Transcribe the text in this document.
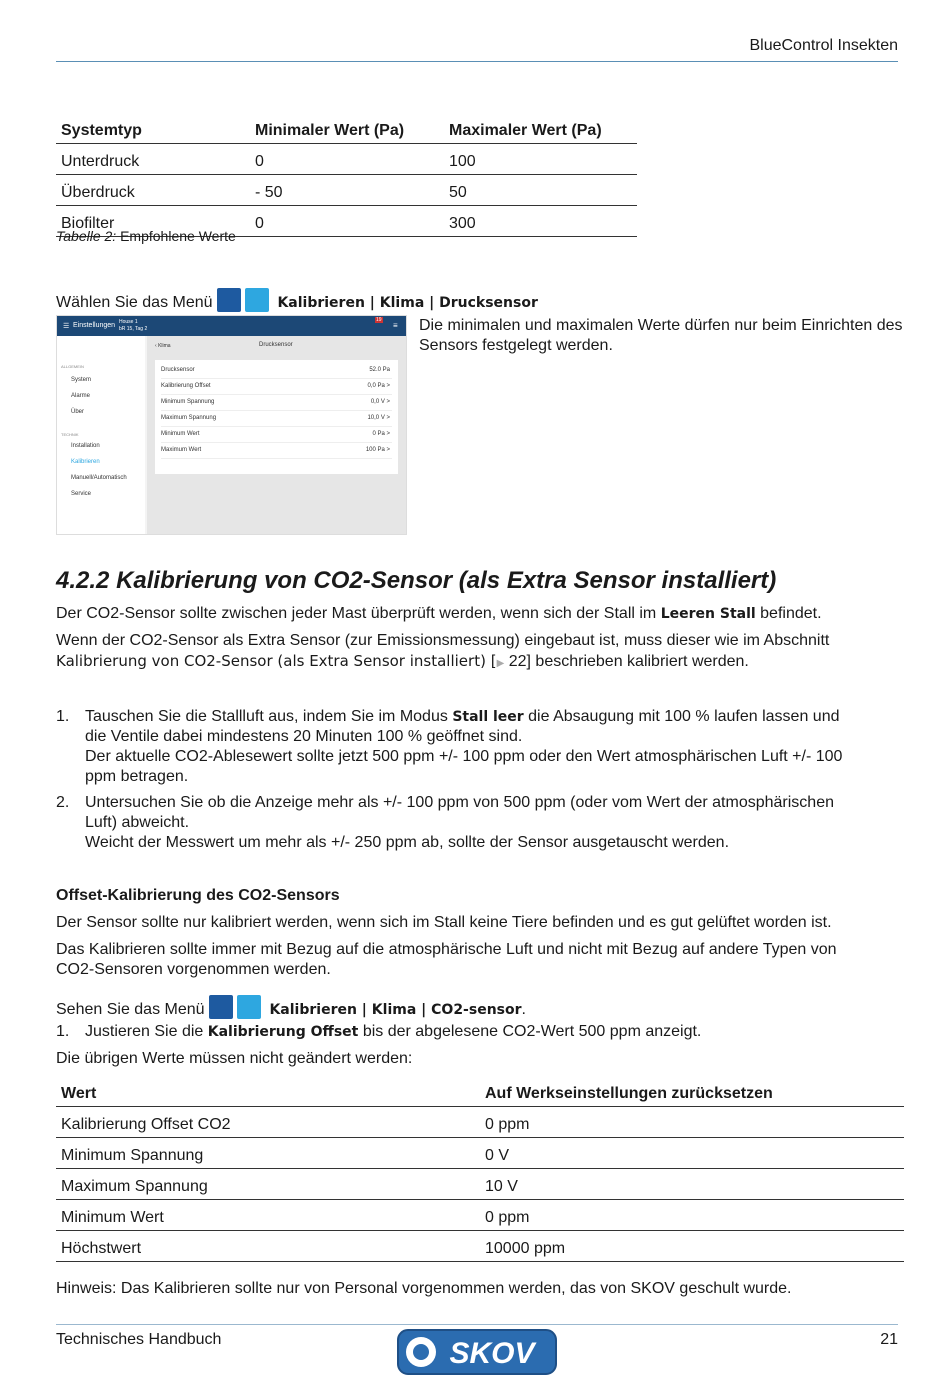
BlueControl Insekten
Systemtyp	Minimaler Wert (Pa)	Maximaler Wert (Pa)
Unterdruck	0	100
Überdruck	- 50	50
Biofilter	0	300
Tabelle 2: Empfohlene Werte
Wählen Sie das Menü	Kalibrieren | Klima | Drucksensor
☰ Einstellungen House 1
bR 15, Tag 2
19
≡
ALLGEMEIN
System
Alarme
Über
TECHNIK
Installation
Kalibrieren
Manuell/Automatisch
Service
‹ Klima	Drucksensor
Drucksensor	52.0 Pa
Kalibrierung Offset	0,0 Pa >
Minimum Spannung	0,0 V >
Maximum Spannung	10,0 V >
Minimum Wert	0 Pa >
Maximum Wert	100 Pa >
Die minimalen und maximalen Werte dürfen nur beim Einrichten des Sensors festgelegt werden.
4.2.2 Kalibrierung von CO2-Sensor (als Extra Sensor installiert)
Der CO2-Sensor sollte zwischen jeder Mast überprüft werden, wenn sich der Stall im Leeren Stall befindet.
Wenn der CO2-Sensor als Extra Sensor (zur Emissionsmessung) eingebaut ist, muss dieser wie im Abschnitt
Kalibrierung von CO2-Sensor (als Extra Sensor installiert) [▶ 22] beschrieben kalibriert werden.
1. Tauschen Sie die Stallluft aus, indem Sie im Modus Stall leer die Absaugung mit 100 % laufen lassen und
die Ventile dabei mindestens 20 Minuten 100 % geöffnet sind.
Der aktuelle CO2-Ablesewert sollte jetzt 500 ppm +/- 100 ppm oder den Wert atmosphärischen Luft +/- 100
ppm betragen.
2. Untersuchen Sie ob die Anzeige mehr als +/- 100 ppm von 500 ppm (oder vom Wert der atmosphärischen
Luft) abweicht.
Weicht der Messwert um mehr als +/- 250 ppm ab, sollte der Sensor ausgetauscht werden.
Offset-Kalibrierung des CO2-Sensors
Der Sensor sollte nur kalibriert werden, wenn sich im Stall keine Tiere befinden und es gut gelüftet worden ist.
Das Kalibrieren sollte immer mit Bezug auf die atmosphärische Luft und nicht mit Bezug auf andere Typen von
CO2-Sensoren vorgenommen werden.
Sehen Sie das Menü	Kalibrieren | Klima | CO2-sensor.
1. Justieren Sie die Kalibrierung Offset bis der abgelesene CO2-Wert 500 ppm anzeigt.
Die übrigen Werte müssen nicht geändert werden:
Wert	Auf Werkseinstellungen zurücksetzen
Kalibrierung Offset CO2	0 ppm
Minimum Spannung	0 V
Maximum Spannung	10 V
Minimum Wert	0 ppm
Höchstwert	10000 ppm
Hinweis: Das Kalibrieren sollte nur von Personal vorgenommen werden, das von SKOV geschult wurde.
Technisches Handbuch	21
SKOV
